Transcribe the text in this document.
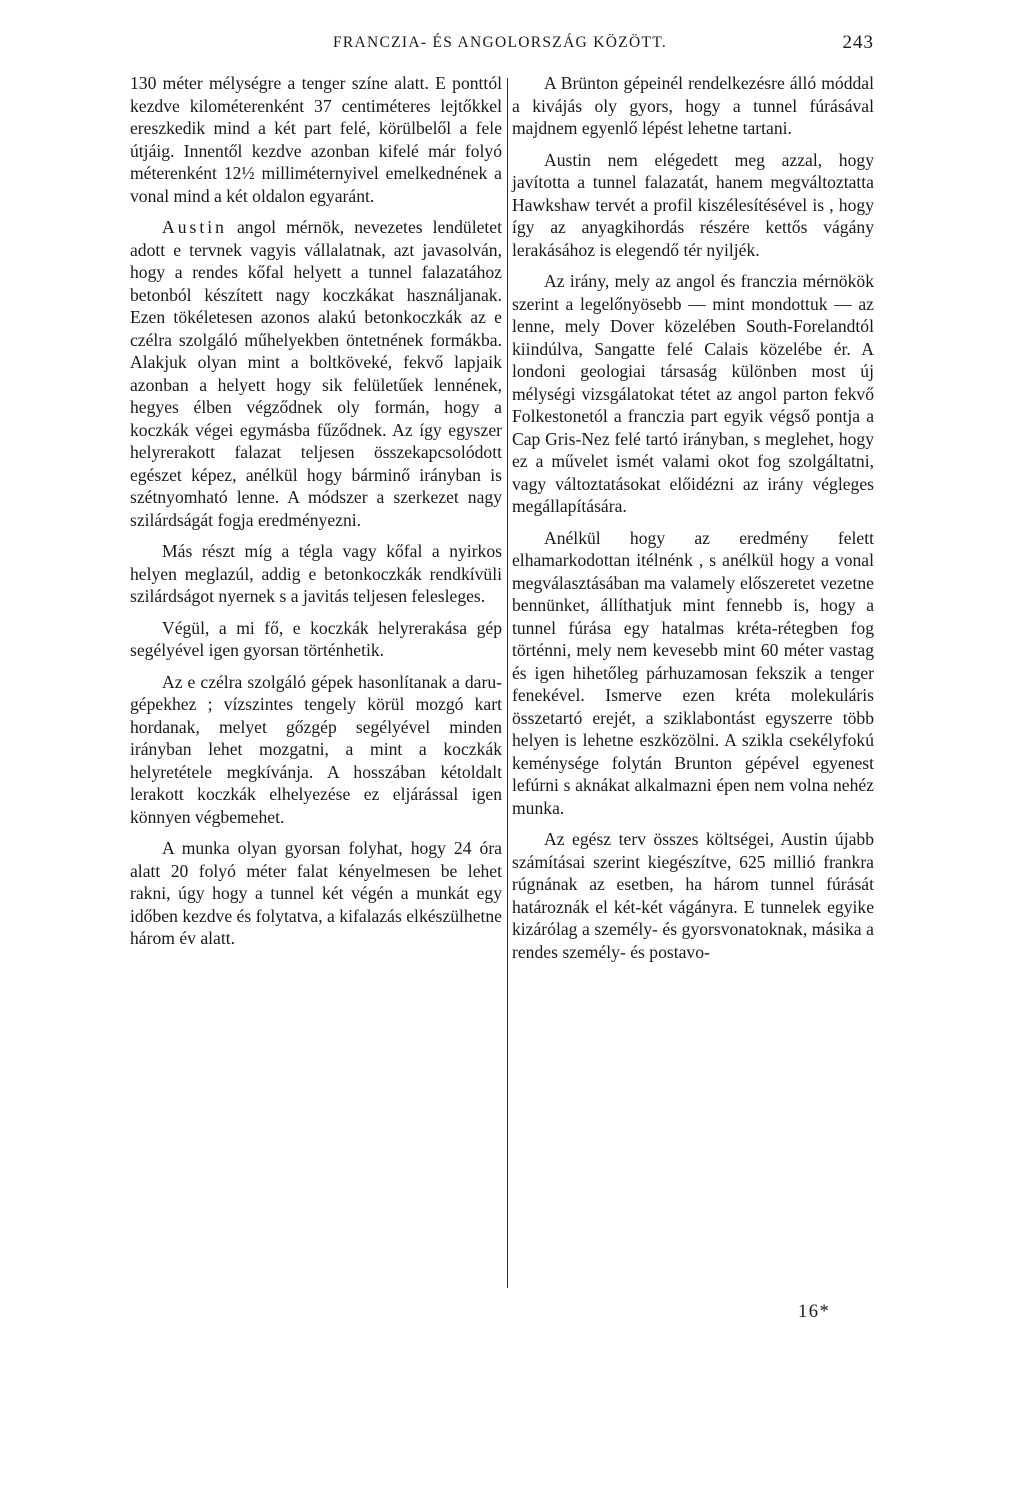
FRANCZIA- ÉS ANGOLORSZÁG KÖZÖTT.	243

130 méter mélységre a tenger színe alatt. E ponttól kezdve kilométerenként 37 centiméteres lejtőkkel ereszkedik mind a két part felé, körülbelől a fele útjáig. Innentől kezdve azonban kifelé már folyó méterenként 12½ milliméternyivel emelkednének a vonal mind a két oldalon egyaránt.

Austin angol mérnök, nevezetes lendületet adott e tervnek vagyis vállalatnak, azt javasolván, hogy a rendes kőfal helyett a tunnel falazatához betonból készített nagy koczkákat használjanak. Ezen tökéletesen azonos alakú betonkoczkák az e czélra szolgáló műhelyekben öntetnének formákba. Alakjuk olyan mint a boltköveké, fekvő lapjaik azonban a helyett hogy sik felületűek lennének, hegyes élben végződnek oly formán, hogy a koczkák végei egymásba fűződnek. Az így egyszer helyrerakott falazat teljesen összekapcsolódott egészet képez, anélkül hogy bárminő irányban is szétnyomható lenne. A módszer a szerkezet nagy szilárdságát fogja eredményezni.

Más részt míg a tégla vagy kőfal a nyirkos helyen meglazúl, addig e betonkoczkák rendkívüli szilárdságot nyernek s a javitás teljesen felesleges.

Végül, a mi fő, e koczkák helyrerakása gép segélyével igen gyorsan történhetik.

Az e czélra szolgáló gépek hasonlítanak a daru-gépekhez ; vízszintes tengely körül mozgó kart hordanak, melyet gőzgép segélyével minden irányban lehet mozgatni, a mint a koczkák helyretétele megkívánja. A hosszában kétoldalt lerakott koczkák elhelyezése ez eljárással igen könnyen végbemehet.

A munka olyan gyorsan folyhat, hogy 24 óra alatt 20 folyó méter falat kényelmesen be lehet rakni, úgy hogy a tunnel két végén a munkát egy időben kezdve és folytatva, a kifalazás elkészülhetne három év alatt.

A Brünton gépeinél rendelkezésre álló móddal a kivájás oly gyors, hogy a tunnel fúrásával majdnem egyenlő lépést lehetne tartani.

Austin nem elégedett meg azzal, hogy javította a tunnel falazatát, hanem megváltoztatta Hawkshaw tervét a profil kiszélesítésével is , hogy így az anyagkihordás részére kettős vágány lerakásához is elegendő tér nyiljék.

Az irány, mely az angol és franczia mérnökök szerint a legelőnyösebb — mint mondottuk — az lenne, mely Dover közelében South-Forelandtól kiindúlva, Sangatte felé Calais közelébe ér. A londoni geologiai társaság különben most új mélységi vizsgálatokat tétet az angol parton fekvő Folkestonetól a franczia part egyik végső pontja a Cap Gris-Nez felé tartó irányban, s meglehet, hogy ez a művelet ismét valami okot fog szolgáltatni, vagy változtatásokat előidézni az irány végleges megállapítására.

Anélkül hogy az eredmény felett elhamarkodottan itélnénk , s anélkül hogy a vonal megválasztásában ma valamely előszeretet vezetne bennünket, állíthatjuk mint fennebb is, hogy a tunnel fúrása egy hatalmas kréta-rétegben fog történni, mely nem kevesebb mint 60 méter vastag és igen hihetőleg párhuzamosan fekszik a tenger fenekével. Ismerve ezen kréta molekuláris összetartó erejét, a sziklabontást egyszerre több helyen is lehetne eszközölni. A szikla csekélyfokú keménysége folytán Brunton gépével egyenest lefúrni s aknákat alkalmazni épen nem volna nehéz munka.

Az egész terv összes költségei, Austin újabb számításai szerint kiegészítve, 625 millió frankra rúgnának az esetben, ha három tunnel fúrását határoznák el két-két vágányra. E tunnelek egyike kizárólag a személy- és gyorsvonatoknak, másika a rendes személy- és postavo-

16*
